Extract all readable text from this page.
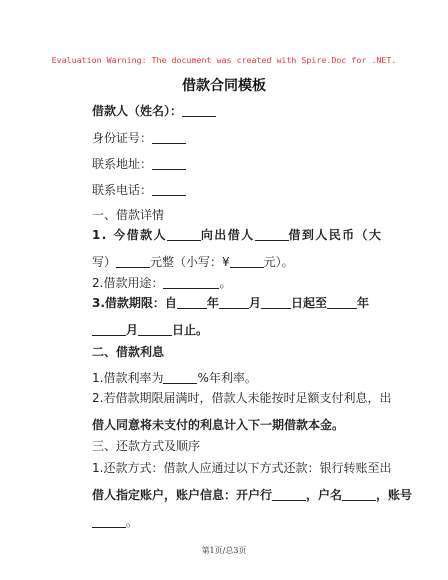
Evaluation Warning: The document was created with Spire.Doc for .NET.
借款合同模板
借款人（姓名）：
身份证号：
联系地址：
联系电话：
一、借款详情
1. 今借款人	向出借人	借到人民币（大
写）	元整（小写：¥	元）。
2.借款用途：	。
3.借款期限：自	年	月	日起至	年
月	日止。
二、借款利息
1.借款利率为	%年利率。
2.若借款期限届满时，借款人未能按时足额支付利息，出
借人同意将未支付的利息计入下一期借款本金。
三、还款方式及顺序
1.还款方式：借款人应通过以下方式还款：银行转账至出
借人指定账户，账户信息：开户行	，户名	，账号
。
第1页/总3页
